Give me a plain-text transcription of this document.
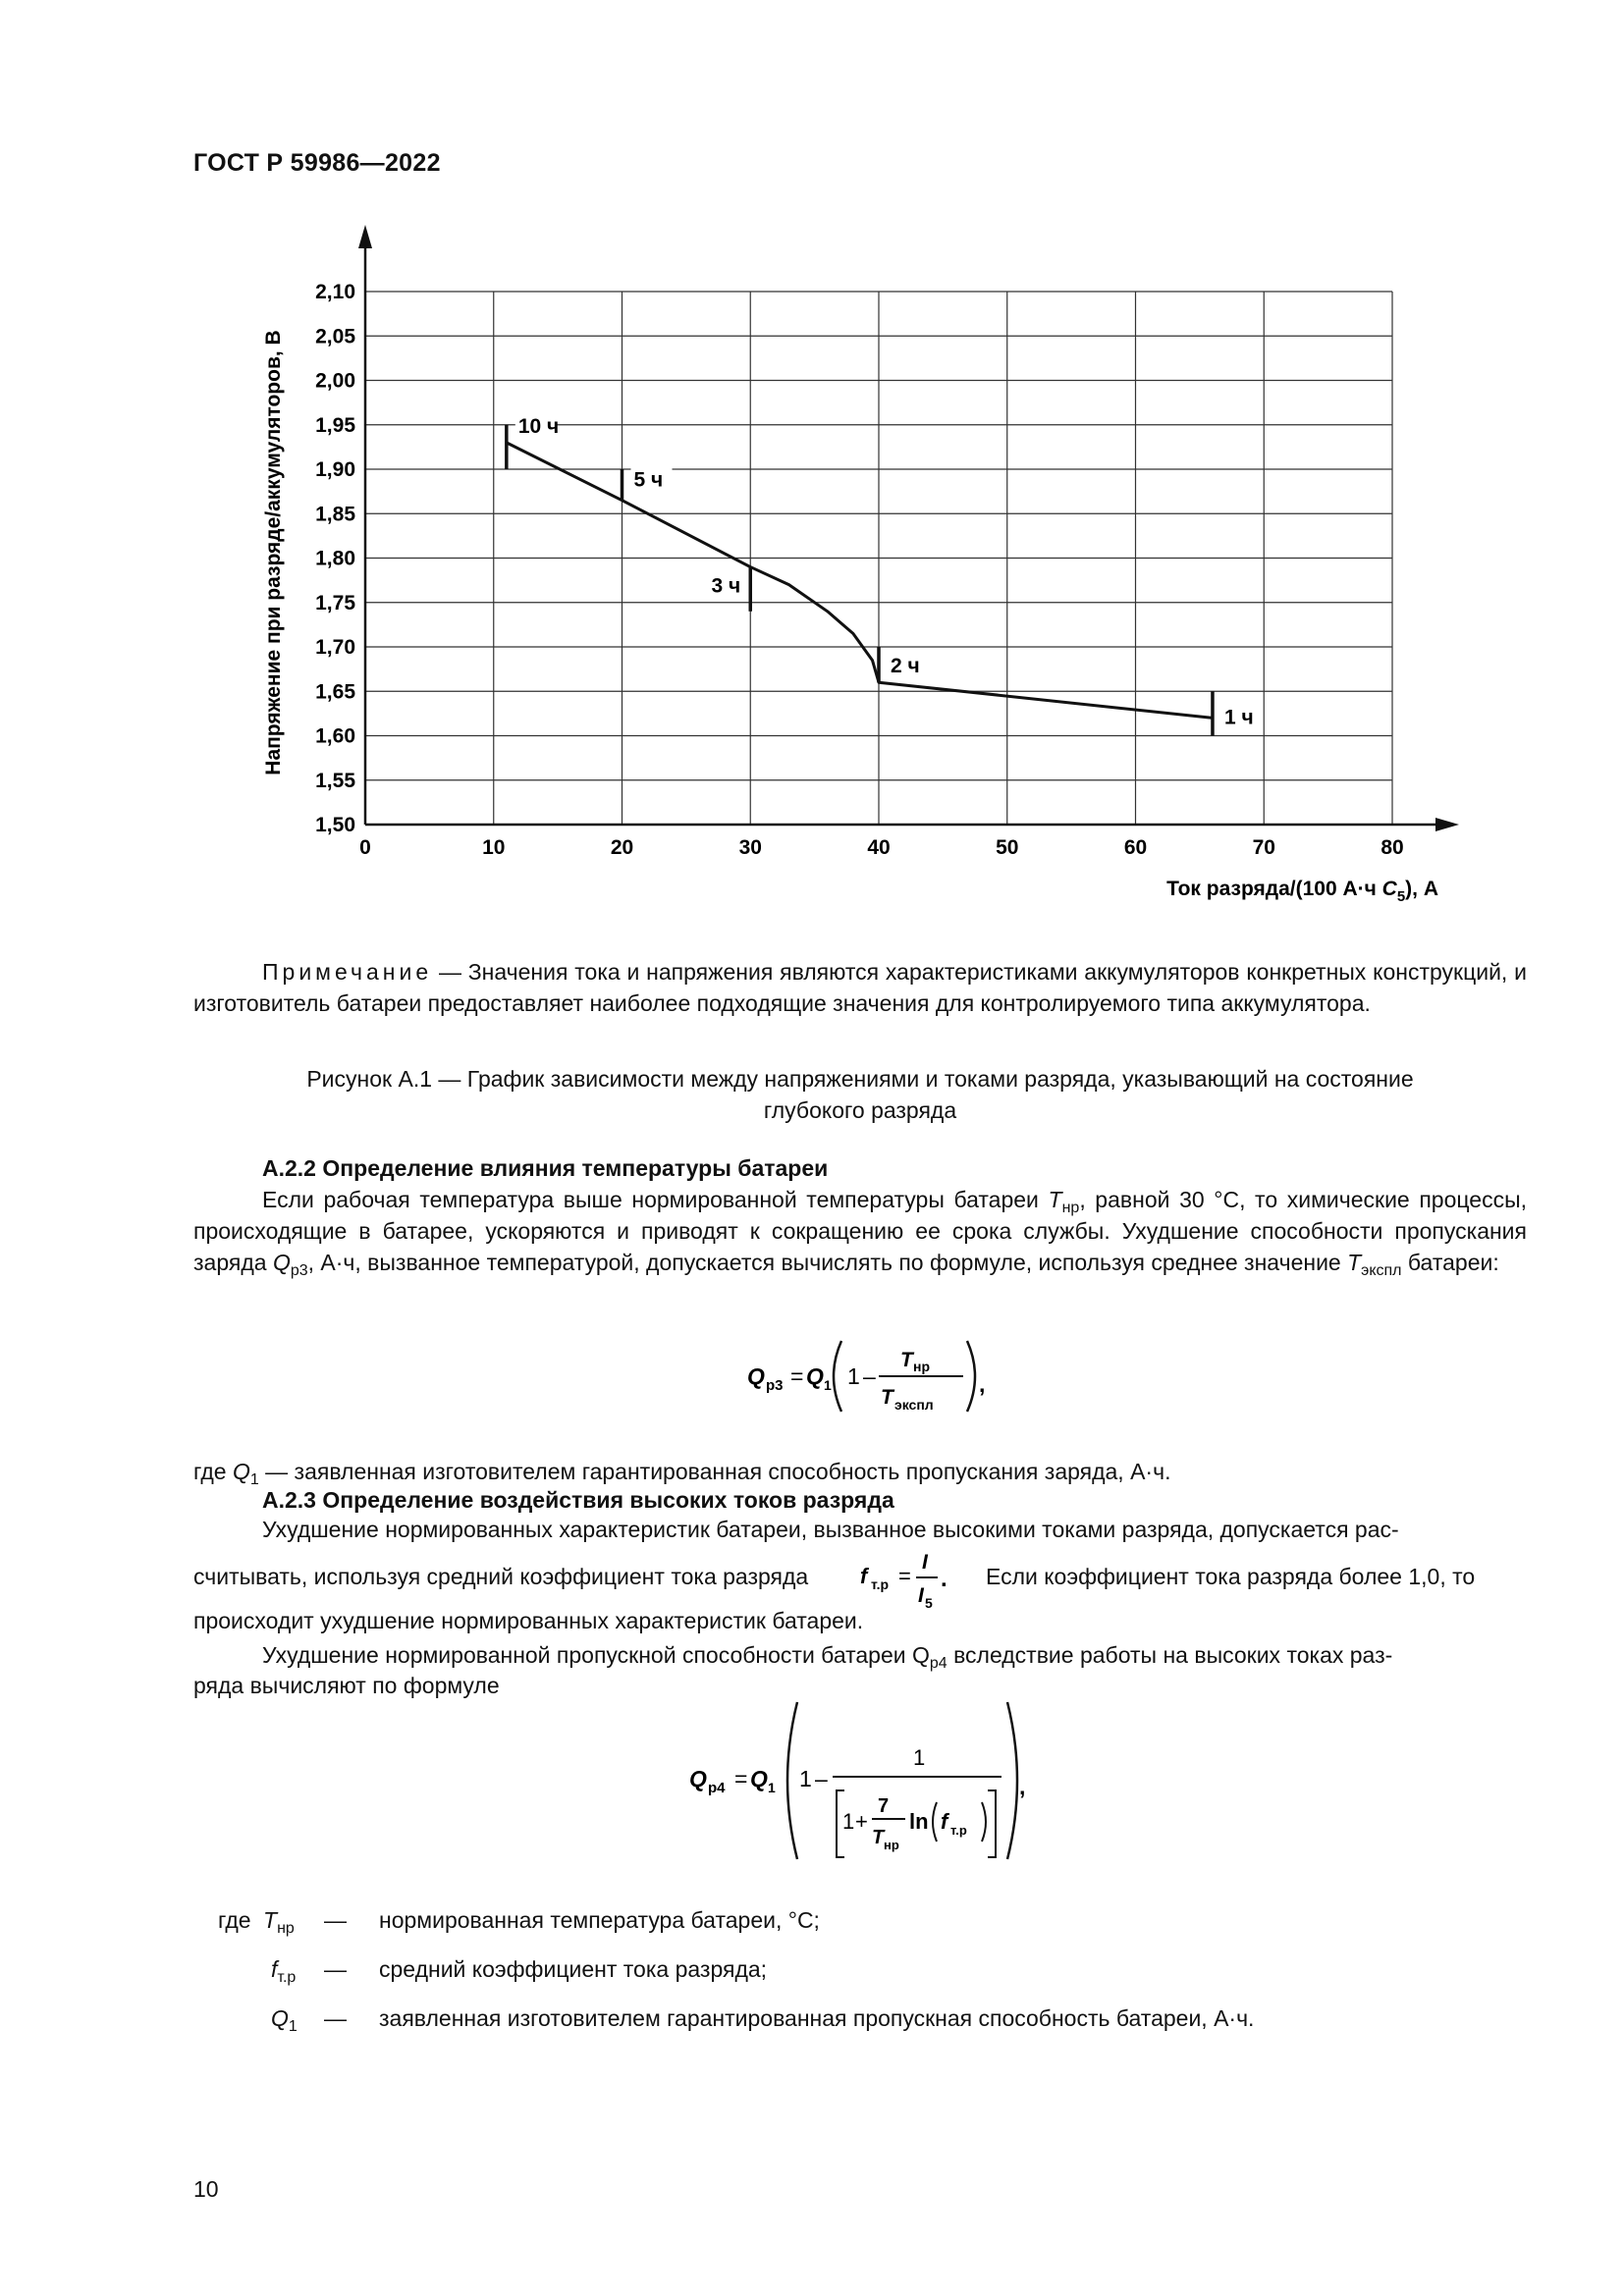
ГОСТ Р 59986—2022
0	10	20	30	40	50	60	70	80
1,50
1,55
1,60
1,65
1,70
1,75
1,80
1,85
1,90
1,95
2,00
2,05
2,10
10 ч
5 ч
3 ч
2 ч
1 ч
Напряжение при разряде/аккумуляторов, В
Ток разряда/(100 А·ч $C_5$), A
Примечание — Значения тока и напряжения являются характеристиками аккумуляторов конкретных конструкций, и изготовитель батареи предоставляет наиболее подходящие значения для контролируемого типа аккумулятора.
Рисунок А.1 — График зависимости между напряжениями и токами разряда, указывающий на состояние
глубокого разряда
А.2.2 Определение влияния температуры батареи
Если рабочая температура выше нормированной температуры батареи $T_{нр}$, равной 30 °С, то химические процессы, происходящие в батарее, ускоряются и приводят к сокращению ее срока службы. Ухудшение способности пропускания заряда $Q_{р3}$, А·ч, вызванное температурой, допускается вычислять по формуле, используя среднее значение $T_{экспл}$ батареи:
Q р3 = Q 1 1 –
T нр
T экспл
,
где $Q_1$ — заявленная изготовителем гарантированная способность пропускания заряда, А·ч.
А.2.3 Определение воздействия высоких токов разряда
Ухудшение нормированных характеристик батареи, вызванное высокими токами разряда, допускается рас-
считывать, используя средний коэффициент тока разряда f т.р =
I
I 5
. Если коэффициент тока разряда более 1,0, то
происходит ухудшение нормированных характеристик батареи.
Ухудшение нормированной пропускной способности батареи $Q_{р4}$ вследствие работы на высоких токах раз-
ряда вычисляют по формуле
Q р4 = Q 1 1 –
1
1 +
7
T нр
ln f т.р
,
где $T_{нр}$ — нормированная температура батареи, °С;
$f_{т.р}$ — средний коэффициент тока разряда;
$Q_1$ — заявленная изготовителем гарантированная пропускная способность батареи, А·ч.
10
